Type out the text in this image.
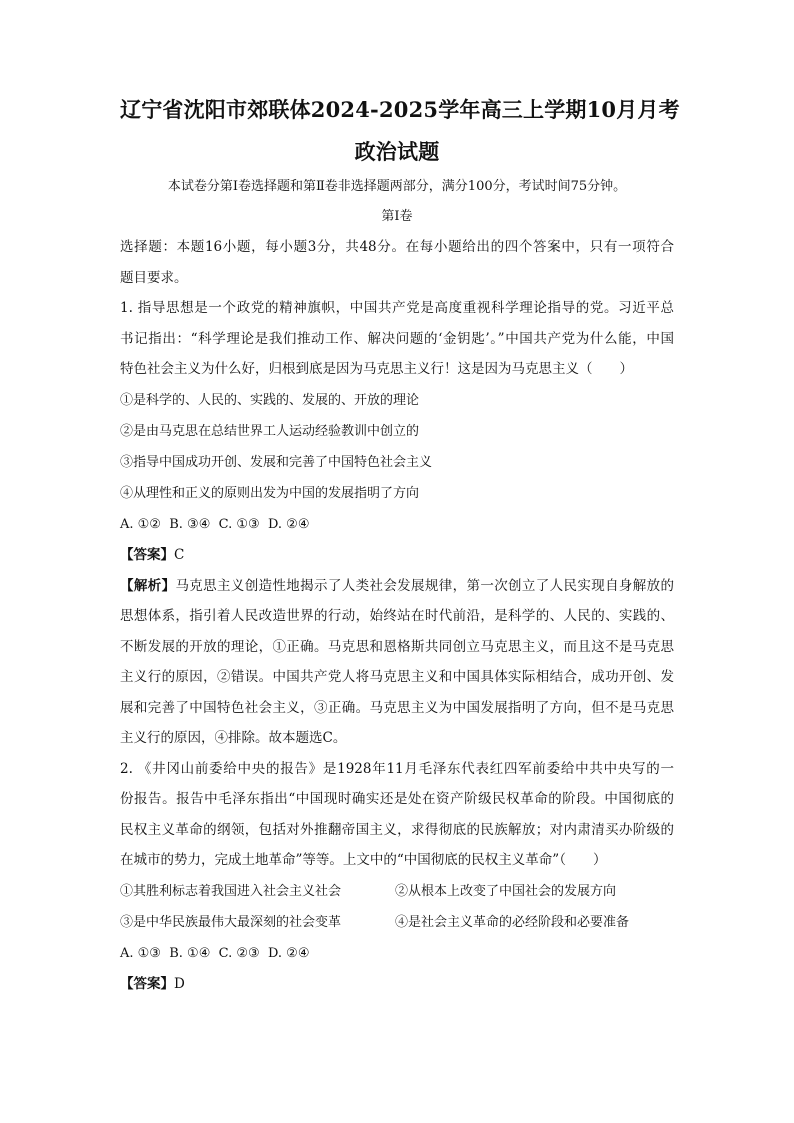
辽宁省沈阳市郊联体2024-2025学年高三上学期10月月考
政治试题
本试卷分第Ⅰ卷选择题和第Ⅱ卷非选择题两部分，满分100分，考试时间75分钟。
第Ⅰ卷
选择题：本题16小题，每小题3分，共48分。在每小题给出的四个答案中，只有一项符合
题目要求。
1. 指导思想是一个政党的精神旗帜，中国共产党是高度重视科学理论指导的党。习近平总
书记指出：“科学理论是我们推动工作、解决问题的‘金钥匙’。”中国共产党为什么能，中国
特色社会主义为什么好，归根到底是因为马克思主义行！这是因为马克思主义（　　）
①是科学的、人民的、实践的、发展的、开放的理论
②是由马克思在总结世界工人运动经验教训中创立的
③指导中国成功开创、发展和完善了中国特色社会主义
④从理性和正义的原则出发为中国的发展指明了方向
A. ①②  B. ③④  C. ①③  D. ②④
【答案】C
【解析】马克思主义创造性地揭示了人类社会发展规律，第一次创立了人民实现自身解放的
思想体系，指引着人民改造世界的行动，始终站在时代前沿，是科学的、人民的、实践的、
不断发展的开放的理论，①正确。马克思和恩格斯共同创立马克思主义，而且这不是马克思
主义行的原因，②错误。中国共产党人将马克思主义和中国具体实际相结合，成功开创、发
展和完善了中国特色社会主义，③正确。马克思主义为中国发展指明了方向，但不是马克思
主义行的原因，④排除。故本题选C。
2. 《井冈山前委给中央的报告》是1928年11月毛泽东代表红四军前委给中共中央写的一
份报告。报告中毛泽东指出“中国现时确实还是处在资产阶级民权革命的阶段。中国彻底的
民权主义革命的纲领，包括对外推翻帝国主义，求得彻底的民族解放；对内肃清买办阶级的
在城市的势力，完成土地革命”等等。上文中的“中国彻底的民权主义革命”（　　）
①其胜利标志着我国进入社会主义社会	②从根本上改变了中国社会的发展方向
③是中华民族最伟大最深刻的社会变革	④是社会主义革命的必经阶段和必要准备
A. ①③  B. ①④  C. ②③  D. ②④
【答案】D
